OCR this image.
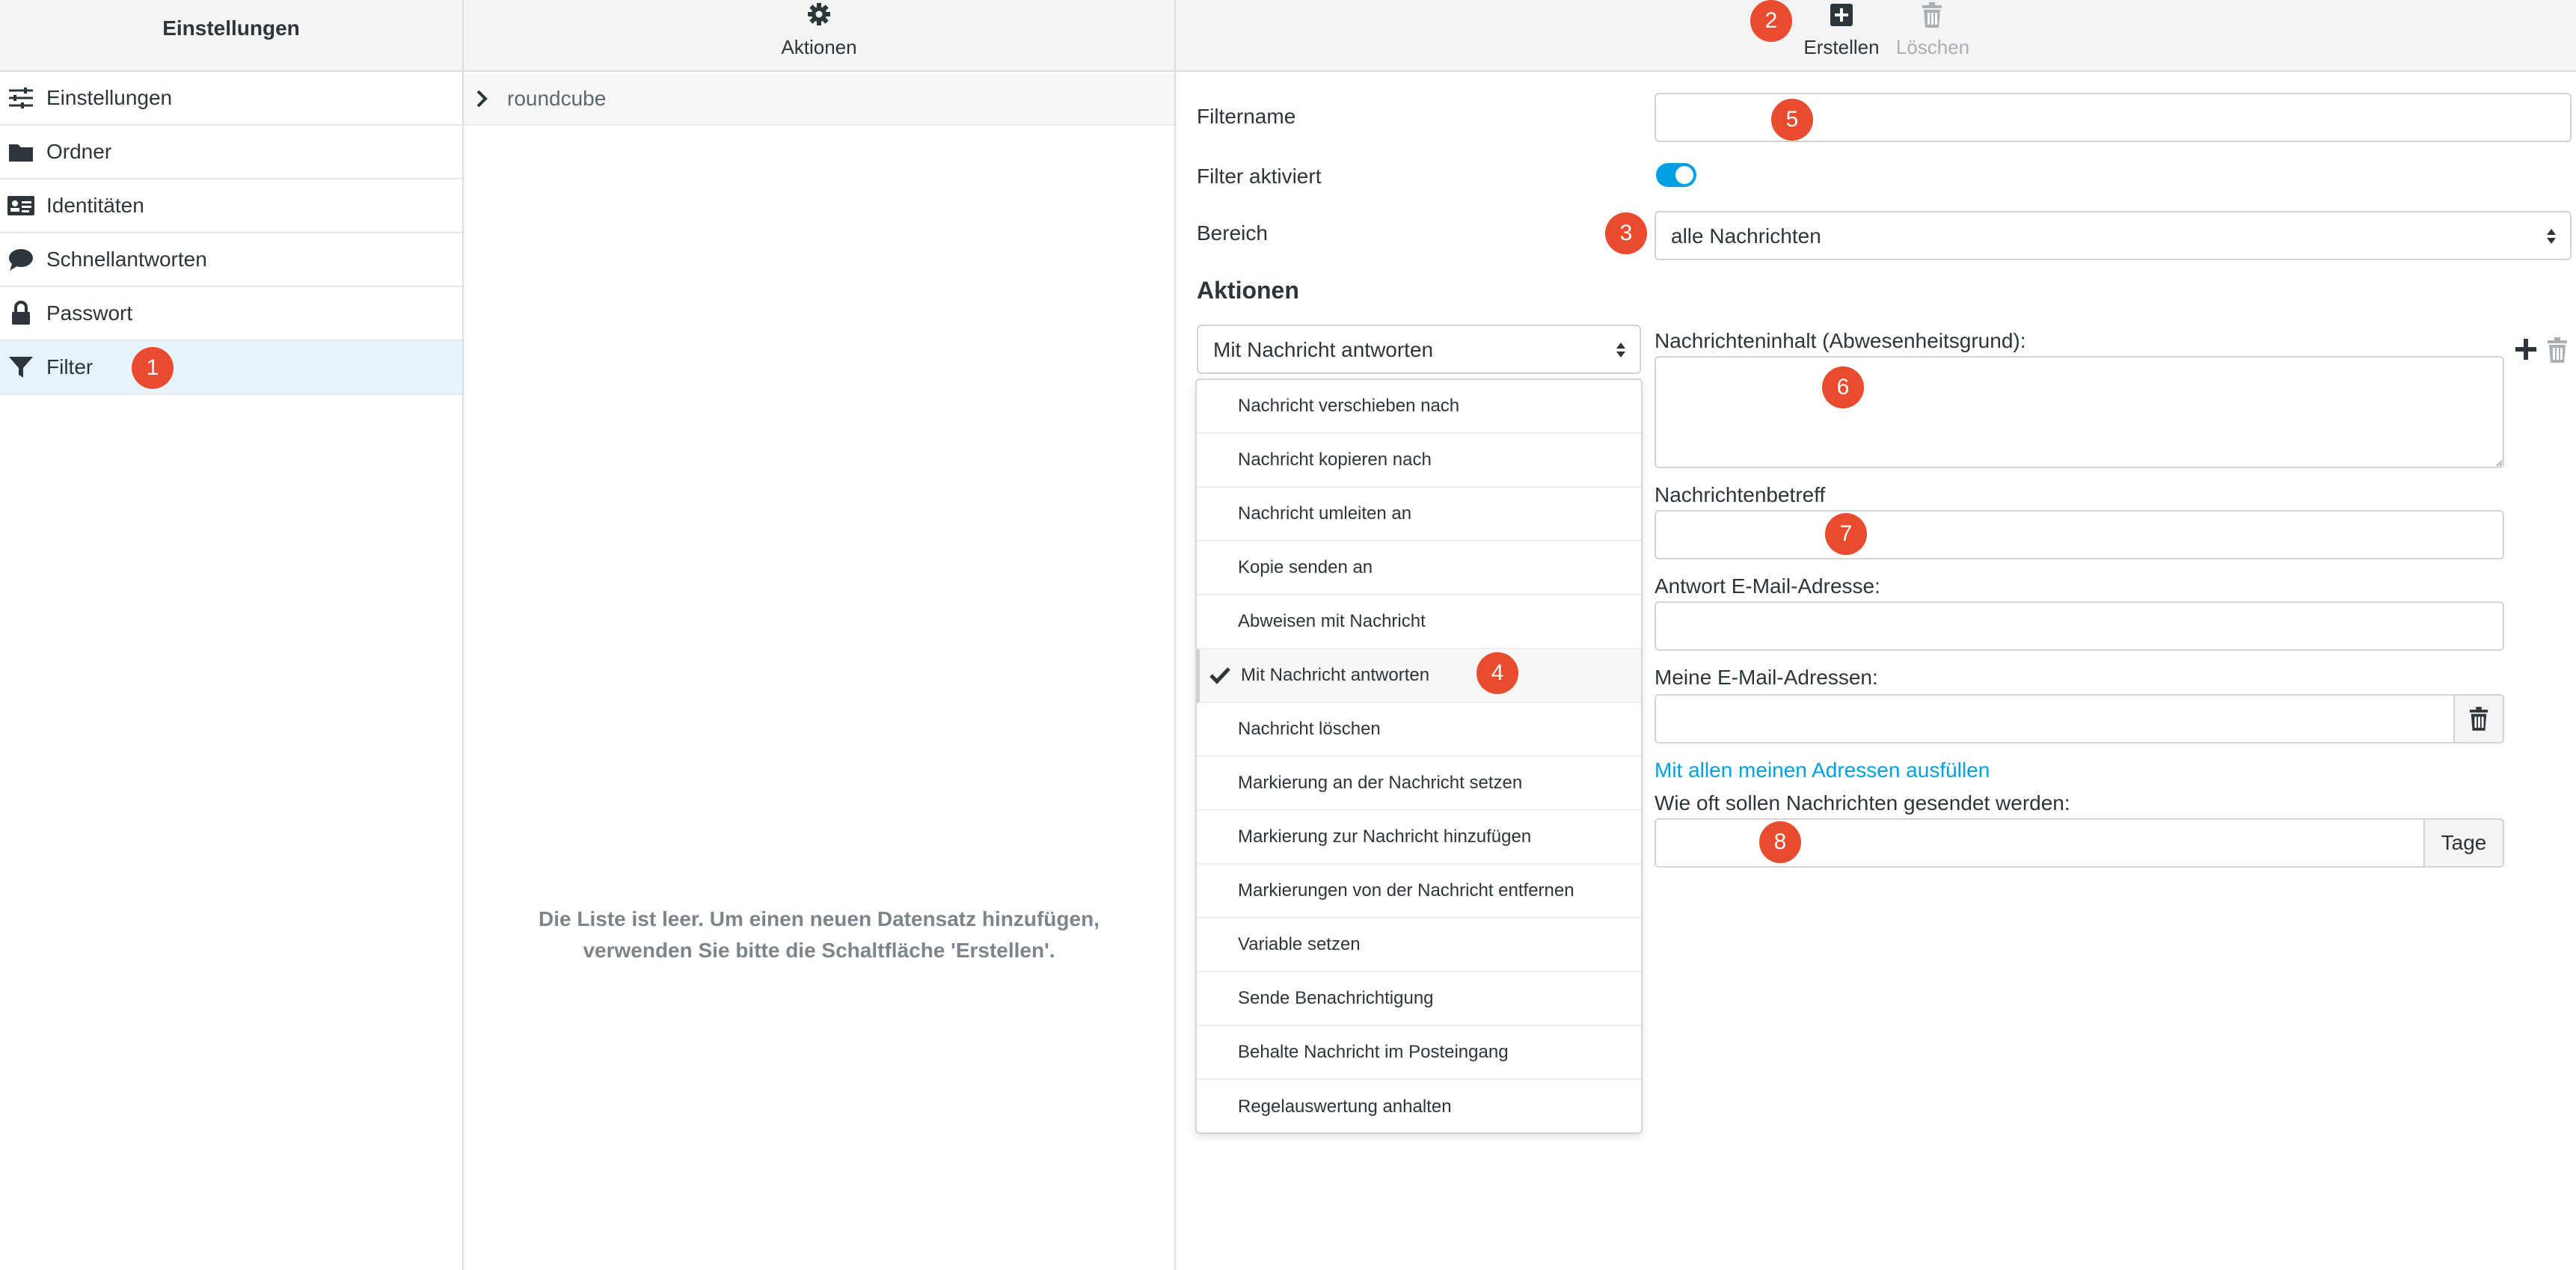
Einstellungen
Einstellungen
Ordner
Identitäten
Schnellantworten
Passwort
Filter
Aktionen
roundcube
Die Liste ist leer. Um einen neuen Datensatz hinzufügen,
verwenden Sie bitte die Schaltfläche 'Erstellen'.
Erstellen Löschen
Filtername
Filter aktiviert
Bereich	alle Nachrichten
Aktionen
Mit Nachricht antworten
Nachricht verschieben nach
Nachricht kopieren nach
Nachricht umleiten an
Kopie senden an
Abweisen mit Nachricht
Mit Nachricht antworten
Nachricht löschen
Markierung an der Nachricht setzen
Markierung zur Nachricht hinzufügen
Markierungen von der Nachricht entfernen
Variable setzen
Sende Benachrichtigung
Behalte Nachricht im Posteingang
Regelauswertung anhalten
Nachrichteninhalt (Abwesenheitsgrund):
Nachrichtenbetreff
Antwort E-Mail-Adresse:
Meine E-Mail-Adressen:
Mit allen meinen Adressen ausfüllen
Wie oft sollen Nachrichten gesendet werden:
Tage
1
2
3
4
5
6
7
8
